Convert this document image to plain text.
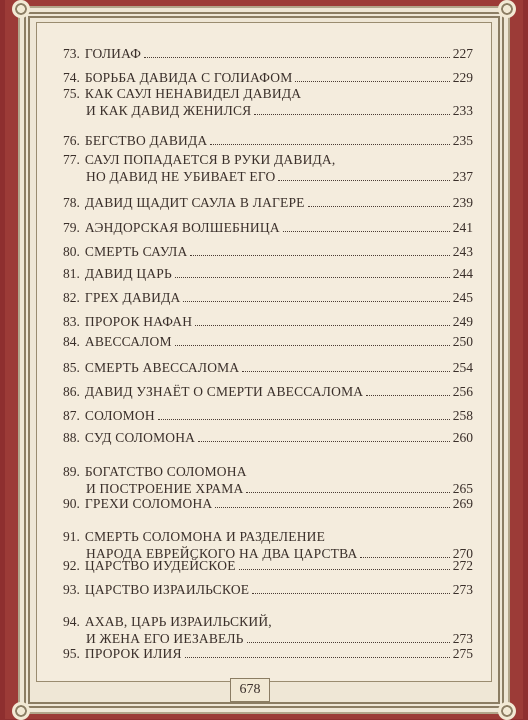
73. ГОЛИАФ	227
74. БОРЬБА ДАВИДА С ГОЛИАФОМ	229
75. КАК САУЛ НЕНАВИДЕЛ ДАВИДА
И КАК ДАВИД ЖЕНИЛСЯ	233
76. БЕГСТВО ДАВИДА	235
77. САУЛ ПОПАДАЕТСЯ В РУКИ ДАВИДА,
НО ДАВИД НЕ УБИВАЕТ ЕГО	237
78. ДАВИД ЩАДИТ САУЛА В ЛАГЕРЕ	239
79. АЭНДОРСКАЯ ВОЛШЕБНИЦА	241
80. СМЕРТЬ САУЛА	243
81. ДАВИД ЦАРЬ	244
82. ГРЕХ ДАВИДА	245
83. ПРОРОК НАФАН	249
84. АВЕССАЛОМ	250
85. СМЕРТЬ АВЕССАЛОМА	254
86. ДАВИД УЗНАЁТ О СМЕРТИ АВЕССАЛОМА	256
87. СОЛОМОН	258
88. СУД СОЛОМОНА	260
89. БОГАТСТВО СОЛОМОНА
И ПОСТРОЕНИЕ ХРАМА	265
90. ГРЕХИ СОЛОМОНА	269
91. СМЕРТЬ СОЛОМОНА И РАЗДЕЛЕНИЕ
НАРОДА ЕВРЕЙСКОГО НА ДВА ЦАРСТВА	270
92. ЦАРСТВО ИУДЕЙСКОЕ	272
93. ЦАРСТВО ИЗРАИЛЬСКОЕ	273
94. АХАВ, ЦАРЬ ИЗРАИЛЬСКИЙ,
И ЖЕНА ЕГО ИЕЗАВЕЛЬ	273
95. ПРОРОК ИЛИЯ	275
678
